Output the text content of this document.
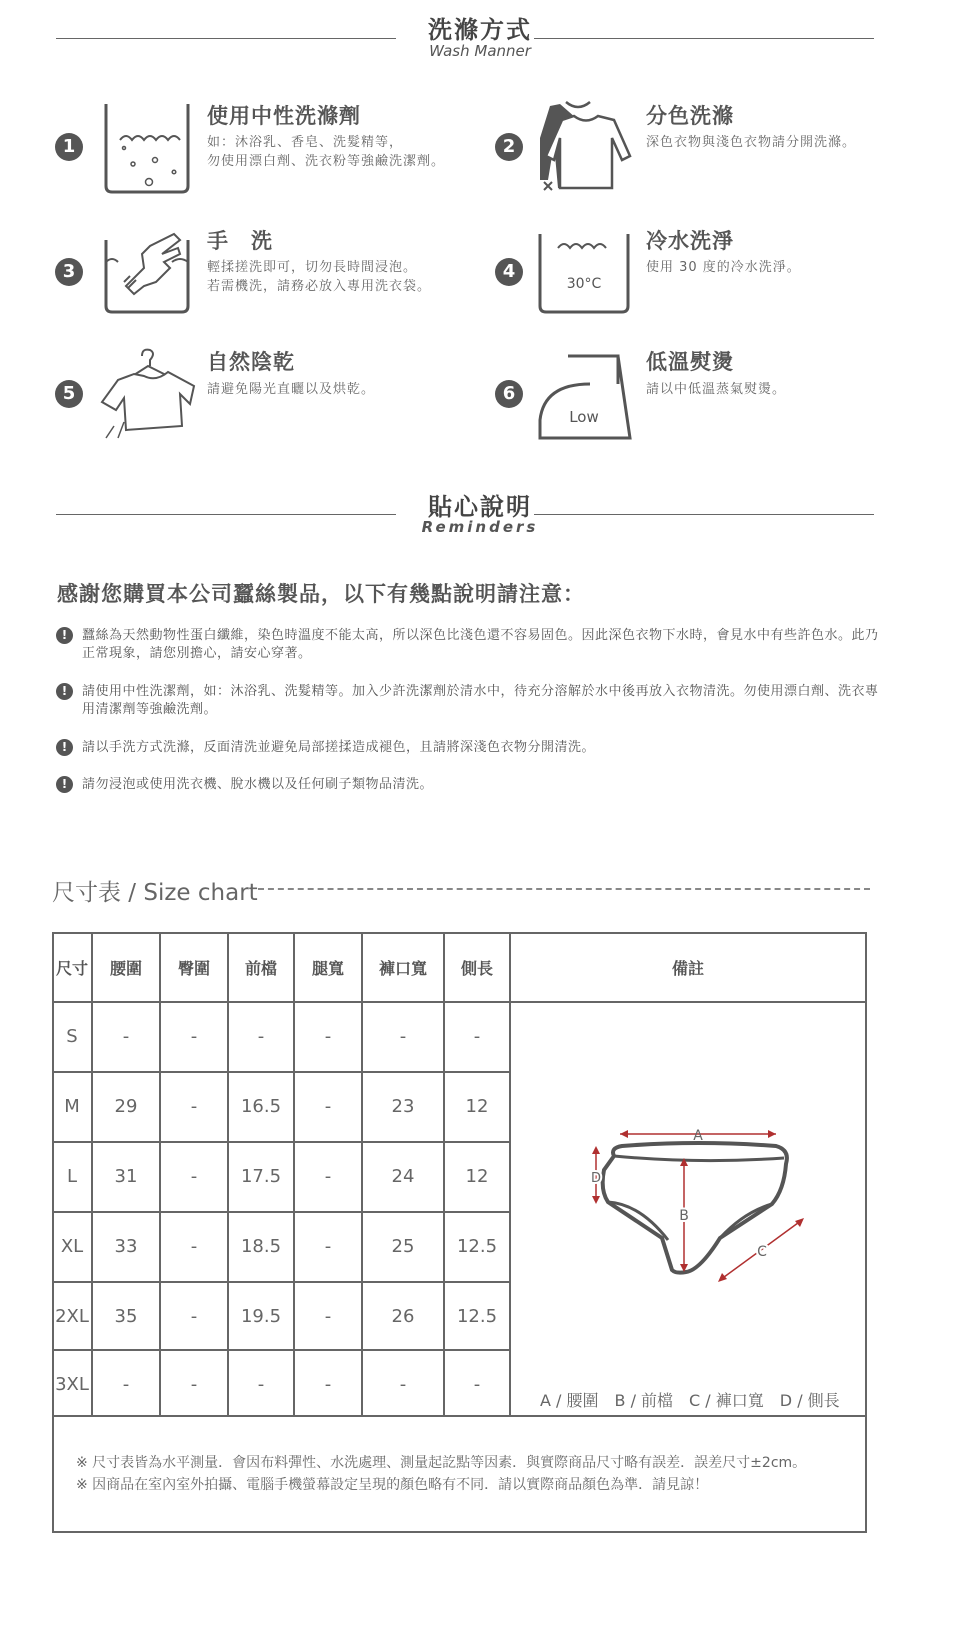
洗滌方式
Wash Manner
1
使用中性洗滌劑
如：沐浴乳、香皂、洗髮精等，
勿使用漂白劑、洗衣粉等強鹼洗潔劑。
2
分色洗滌
深色衣物與淺色衣物請分開洗滌。
3
手　洗
輕揉搓洗即可，切勿長時間浸泡。
若需機洗，請務必放入專用洗衣袋。
4
30°C
冷水洗淨
使用 30 度的冷水洗淨。
5
自然陰乾
請避免陽光直曬以及烘乾。	6
Low
低溫熨燙
請以中低溫蒸氣熨燙。
貼心說明
Reminders
感謝您購買本公司蠶絲製品，以下有幾點說明請注意：
!	蠶絲為天然動物性蛋白纖維，染色時溫度不能太高，所以深色比淺色還不容易固色。因此深色衣物下水時，會見水中有些許色水。此乃正常現象，請您別擔心，請安心穿著。
!	請使用中性洗潔劑，如：沐浴乳、洗髮精等。加入少許洗潔劑於清水中，待充分溶解於水中後再放入衣物清洗。勿使用漂白劑、洗衣專用清潔劑等強鹼洗劑。
!	請以手洗方式洗滌，反面清洗並避免局部搓揉造成褪色，且請將深淺色衣物分開清洗。
!	請勿浸泡或使用洗衣機、脫水機以及任何刷子類物品清洗。
尺寸表 / Size chart
A
B
C
D
A / 腰圍　B / 前檔　C / 褲口寬　D / 側長
※ 尺寸表皆為水平測量．會因布料彈性、水洗處理、測量起訖點等因素．與實際商品尺寸略有誤差．誤差尺寸±2cm。
※ 因商品在室內室外拍攝、電腦手機螢幕設定呈現的顏色略有不同．請以實際商品顏色為準．請見諒！
尺寸	腰圍	臀圍	前檔	腿寬	褲口寬	側長	備註
S	-	-	-	-	-	-
M	29	-	16.5	-	23	12
L	31	-	17.5	-	24	12
XL	33	-	18.5	-	25	12.5
2XL	35	-	19.5	-	26	12.5
3XL	-	-	-	-	-	-
